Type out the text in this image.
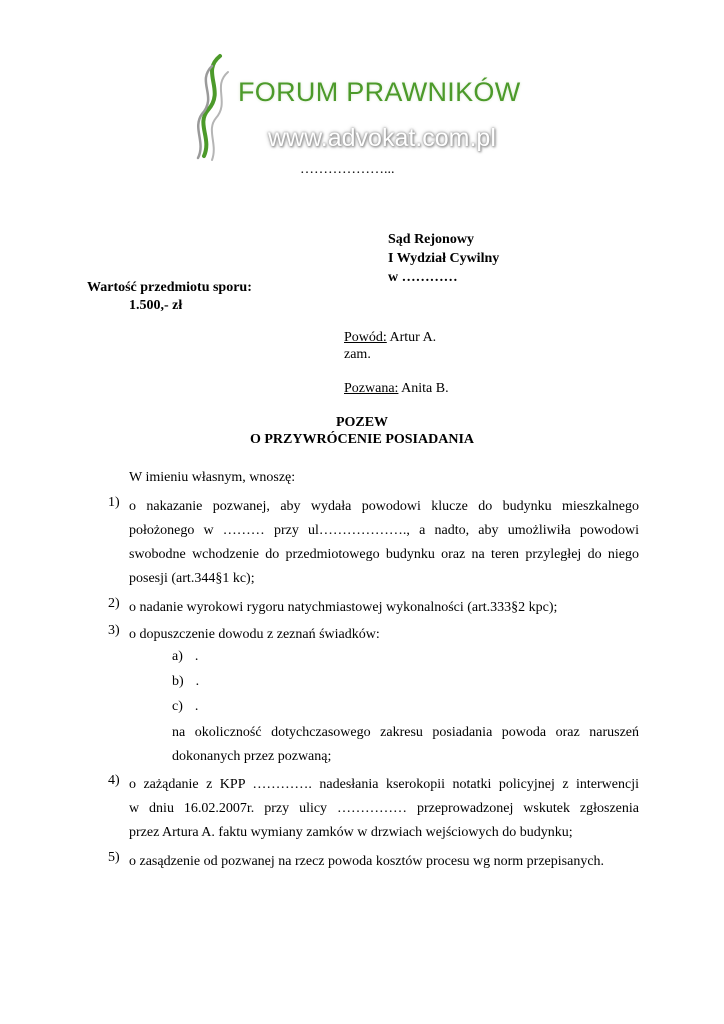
FORUM PRAWNIKÓW
www.advokat.com.pl
………………...
Sąd Rejonowy
I Wydział Cywilny
w …………
Wartość przedmiotu sporu:
1.500,- zł
Powód: Artur A.
zam.
Pozwana: Anita B.
POZEW
O PRZYWRÓCENIE POSIADANIA
W imieniu własnym, wnoszę:
1) o nakazanie pozwanej, aby wydała powodowi klucze do budynku mieszkalnego
położonego w ……… przy ul………………., a nadto, aby umożliwiła powodowi
swobodne wchodzenie do przedmiotowego budynku oraz na teren przyległej do niego
posesji (art.344§1 kc);
2) o nadanie wyrokowi rygoru natychmiastowej wykonalności (art.333§2 kpc);
3) o dopuszczenie dowodu z zeznań świadków:
a) .
b) .
c) .
na okoliczność dotychczasowego zakresu posiadania powoda oraz naruszeń
dokonanych przez pozwaną;
4) o zażądanie z KPP …………. nadesłania kserokopii notatki policyjnej z interwencji
w dniu 16.02.2007r. przy ulicy …………… przeprowadzonej wskutek zgłoszenia
przez Artura A. faktu wymiany zamków w drzwiach wejściowych do budynku;
5) o zasądzenie od pozwanej na rzecz powoda kosztów procesu wg norm przepisanych.
